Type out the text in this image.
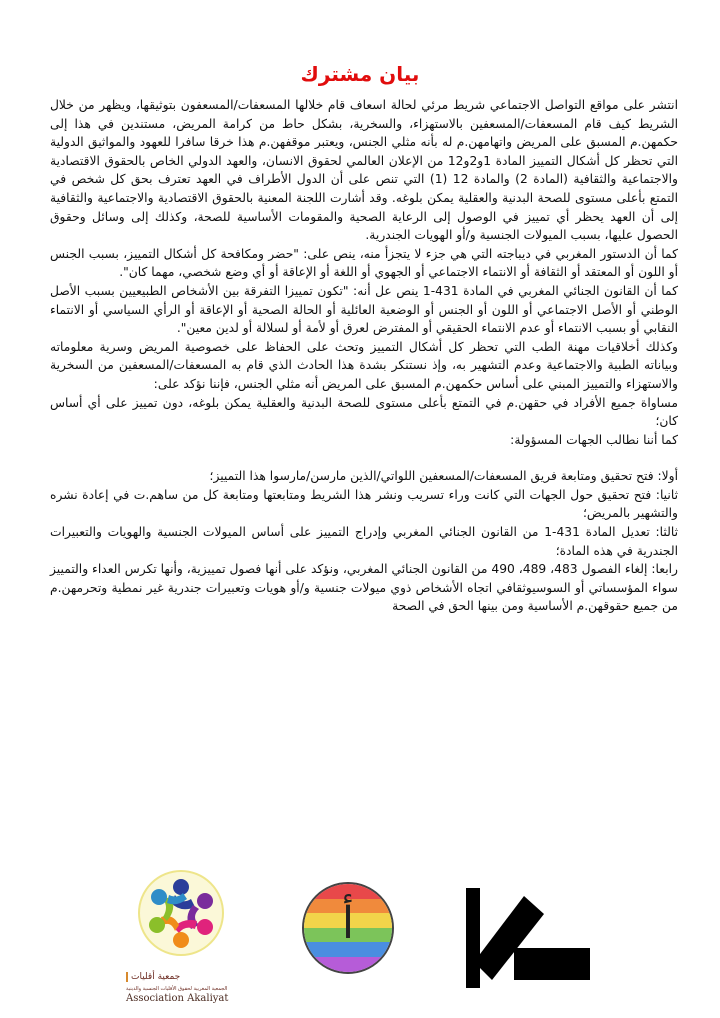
بيان مشترك

انتشر على مواقع التواصل الاجتماعي شريط مرئي لحالة اسعاف قام خلالها المسعفات/المسعفون بتوثيقها، ويظهر من خلال الشريط كيف قام المسعفات/المسعفين بالاستهزاء، والسخرية، بشكل حاط من كرامة المريض، مستندين في هذا إلى حكمهن.م المسبق على المريض واتهامهن.م له بأنه مثلي الجنس، ويعتبر موقفهن.م هذا خرقا سافرا للعهود والمواثيق الدولية التي تحظر كل أشكال التمييز المادة 1و2و12 من الإعلان العالمي لحقوق الانسان، والعهد الدولي الخاص بالحقوق الاقتصادية والاجتماعية والثقافية (المادة 2) والمادة 12 (1) التي تنص على أن الدول الأطراف في العهد تعترف بحق كل شخص في التمتع بأعلى مستوى للصحة البدنية والعقلية يمكن بلوغه. وقد أشارت اللجنة المعنية بالحقوق الاقتصادية والاجتماعية والثقافية إلى أن العهد يحظر أي تمييز في الوصول إلى الرعاية الصحية والمقومات الأساسية للصحة، وكذلك إلى وسائل وحقوق الحصول عليها، بسبب الميولات الجنسية و/أو الهويات الجندرية.

كما أن الدستور المغربي في ديباجته التي هي جزء لا يتجزأ منه، ينص على: "حضر ومكافحة كل أشكال التمييز، بسبب الجنس أو اللون أو المعتقد أو الثقافة أو الانتماء الاجتماعي أو الجهوي أو اللغة أو الإعاقة أو أي وضع شخصي، مهما كان".

كما أن القانون الجنائي المغربي في المادة 431-1 ينص عل أنه: "تكون تمييزا التفرقة بين الأشخاص الطبيعيين بسبب الأصل الوطني أو الأصل الاجتماعي أو اللون أو الجنس أو الوضعية العائلية أو الحالة الصحية أو الإعاقة أو الرأي السياسي أو الانتماء النقابي أو بسبب الانتماء أو عدم الانتماء الحقيقي أو المفترض لعرق أو لأمة أو لسلالة أو لدين معين".

وكذلك أخلاقيات مهنة الطب التي تحظر كل أشكال التمييز وتحث على الحفاظ على خصوصية المريض وسرية معلوماته وبياناته الطبية والاجتماعية وعدم التشهير به، وإذ نستنكر بشدة هذا الحادث الذي قام به المسعفات/المسعفين من السخرية والاستهزاء والتمييز المبني على أساس حكمهن.م المسبق على المريض أنه مثلي الجنس، فإننا نؤكد على:

مساواة جميع الأفراد في حقهن.م في التمتع بأعلى مستوى للصحة البدنية والعقلية يمكن بلوغه، دون تمييز على أي أساس كان؛

كما أننا نطالب الجهات المسؤولة:

أولا: فتح تحقيق ومتابعة فريق المسعفات/المسعفين اللواتي/الذين مارسن/مارسوا هذا التمييز؛

ثانيا: فتح تحقيق حول الجهات التي كانت وراء تسريب ونشر هذا الشريط ومتابعتها ومتابعة كل من ساهم.ت في إعادة نشره والتشهير بالمريض؛

ثالثا: تعديل المادة 431-1 من القانون الجنائي المغربي وإدراج التمييز على أساس الميولات الجنسية والهويات والتعبيرات الجندرية في هذه المادة؛

رابعا: إلغاء الفصول 483، 489، 490 من القانون الجنائي المغربي، ونؤكد على أنها فصول تمييزية، وأنها تكرس العداء والتمييز سواء المؤسساتي أو السوسيوثقافي اتجاه الأشخاص ذوي ميولات جنسية و/أو هويات وتعبيرات جندرية غير نمطية وتحرمهن.م من جميع حقوقهن.م الأساسية ومن بينها الحق في الصحة

جمعية أقليات
الجمعية المغربية لحقوق الأقليات الجنسية والدينية
Association Akaliyat
أ
